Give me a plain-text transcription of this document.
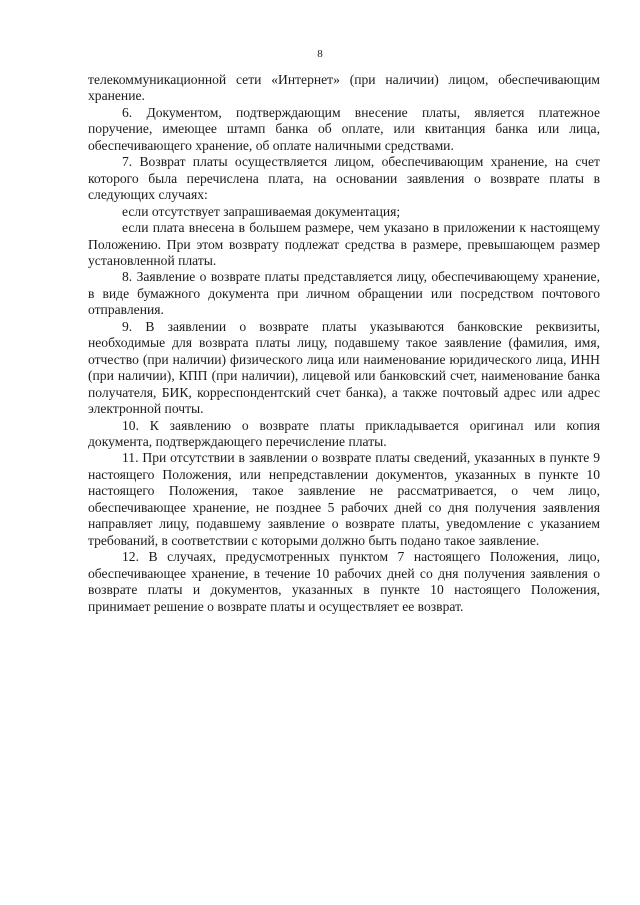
8

телекоммуникационной сети «Интернет» (при наличии) лицом, обеспечивающим хранение.

6. Документом, подтверждающим внесение платы, является платежное поручение, имеющее штамп банка об оплате, или квитанция банка или лица, обеспечивающего хранение, об оплате наличными средствами.

7. Возврат платы осуществляется лицом, обеспечивающим хранение, на счет которого была перечислена плата, на основании заявления о возврате платы в следующих случаях:

если отсутствует запрашиваемая документация;

если плата внесена в большем размере, чем указано в приложении к настоящему Положению. При этом возврату подлежат средства в размере, превышающем размер установленной платы.

8. Заявление о возврате платы представляется лицу, обеспечивающему хранение, в виде бумажного документа при личном обращении или посредством почтового отправления.

9. В заявлении о возврате платы указываются банковские реквизиты, необходимые для возврата платы лицу, подавшему такое заявление (фамилия, имя, отчество (при наличии) физического лица или наименование юридического лица, ИНН (при наличии), КПП (при наличии), лицевой или банковский счет, наименование банка получателя, БИК, корреспондентский счет банка), а также почтовый адрес или адрес электронной почты.

10. К заявлению о возврате платы прикладывается оригинал или копия документа, подтверждающего перечисление платы.

11. При отсутствии в заявлении о возврате платы сведений, указанных в пункте 9 настоящего Положения, или непредставлении документов, указанных в пункте 10 настоящего Положения, такое заявление не рассматривается, о чем лицо, обеспечивающее хранение, не позднее 5 рабочих дней со дня получения заявления направляет лицу, подавшему заявление о возврате платы, уведомление с указанием требований, в соответствии с которыми должно быть подано такое заявление.

12. В случаях, предусмотренных пунктом 7 настоящего Положения, лицо, обеспечивающее хранение, в течение 10 рабочих дней со дня получения заявления о возврате платы и документов, указанных в пункте 10 настоящего Положения, принимает решение о возврате платы и осуществляет ее возврат.
